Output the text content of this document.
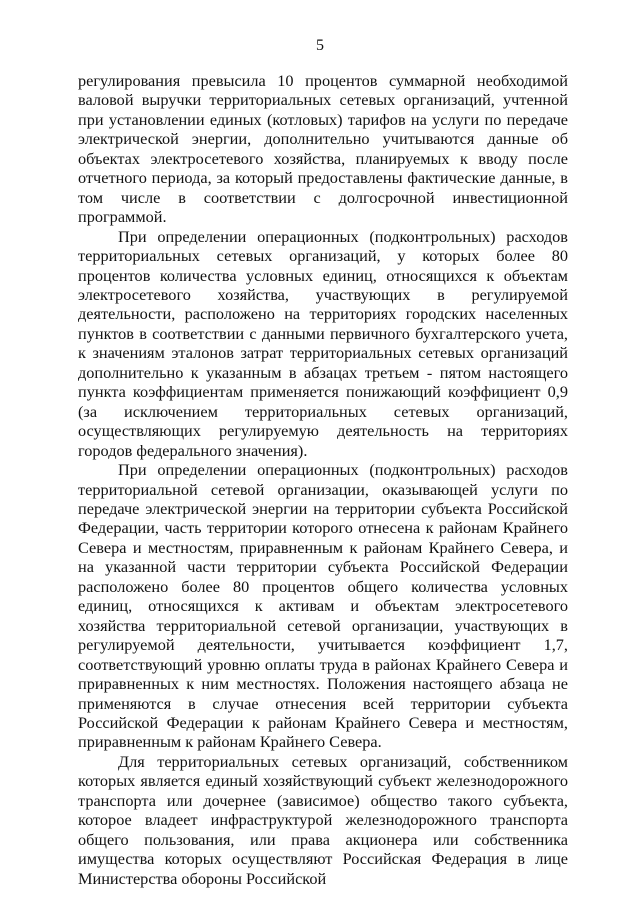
5

регулирования превысила 10 процентов суммарной необходимой валовой выручки территориальных сетевых организаций, учтенной при установлении единых (котловых) тарифов на услуги по передаче электрической энергии, дополнительно учитываются данные об объектах электросетевого хозяйства, планируемых к вводу после отчетного периода, за который предоставлены фактические данные, в том числе в соответствии с долгосрочной инвестиционной программой.

При определении операционных (подконтрольных) расходов территориальных сетевых организаций, у которых более 80 процентов количества условных единиц, относящихся к объектам электросетевого хозяйства, участвующих в регулируемой деятельности, расположено на территориях городских населенных пунктов в соответствии с данными первичного бухгалтерского учета, к значениям эталонов затрат территориальных сетевых организаций дополнительно к указанным в абзацах третьем - пятом настоящего пункта коэффициентам применяется понижающий коэффициент 0,9 (за исключением территориальных сетевых организаций, осуществляющих регулируемую деятельность на территориях городов федерального значения).

При определении операционных (подконтрольных) расходов территориальной сетевой организации, оказывающей услуги по передаче электрической энергии на территории субъекта Российской Федерации, часть территории которого отнесена к районам Крайнего Севера и местностям, приравненным к районам Крайнего Севера, и на указанной части территории субъекта Российской Федерации расположено более 80 процентов общего количества условных единиц, относящихся к активам и объектам электросетевого хозяйства территориальной сетевой организации, участвующих в регулируемой деятельности, учитывается коэффициент 1,7, соответствующий уровню оплаты труда в районах Крайнего Севера и приравненных к ним местностях. Положения настоящего абзаца не применяются в случае отнесения всей территории субъекта Российской Федерации к районам Крайнего Севера и местностям, приравненным к районам Крайнего Севера.

Для территориальных сетевых организаций, собственником которых является единый хозяйствующий субъект железнодорожного транспорта или дочернее (зависимое) общество такого субъекта, которое владеет инфраструктурой железнодорожного транспорта общего пользования, или права акционера или собственника имущества которых осуществляют Российская Федерация в лице Министерства обороны Российской
